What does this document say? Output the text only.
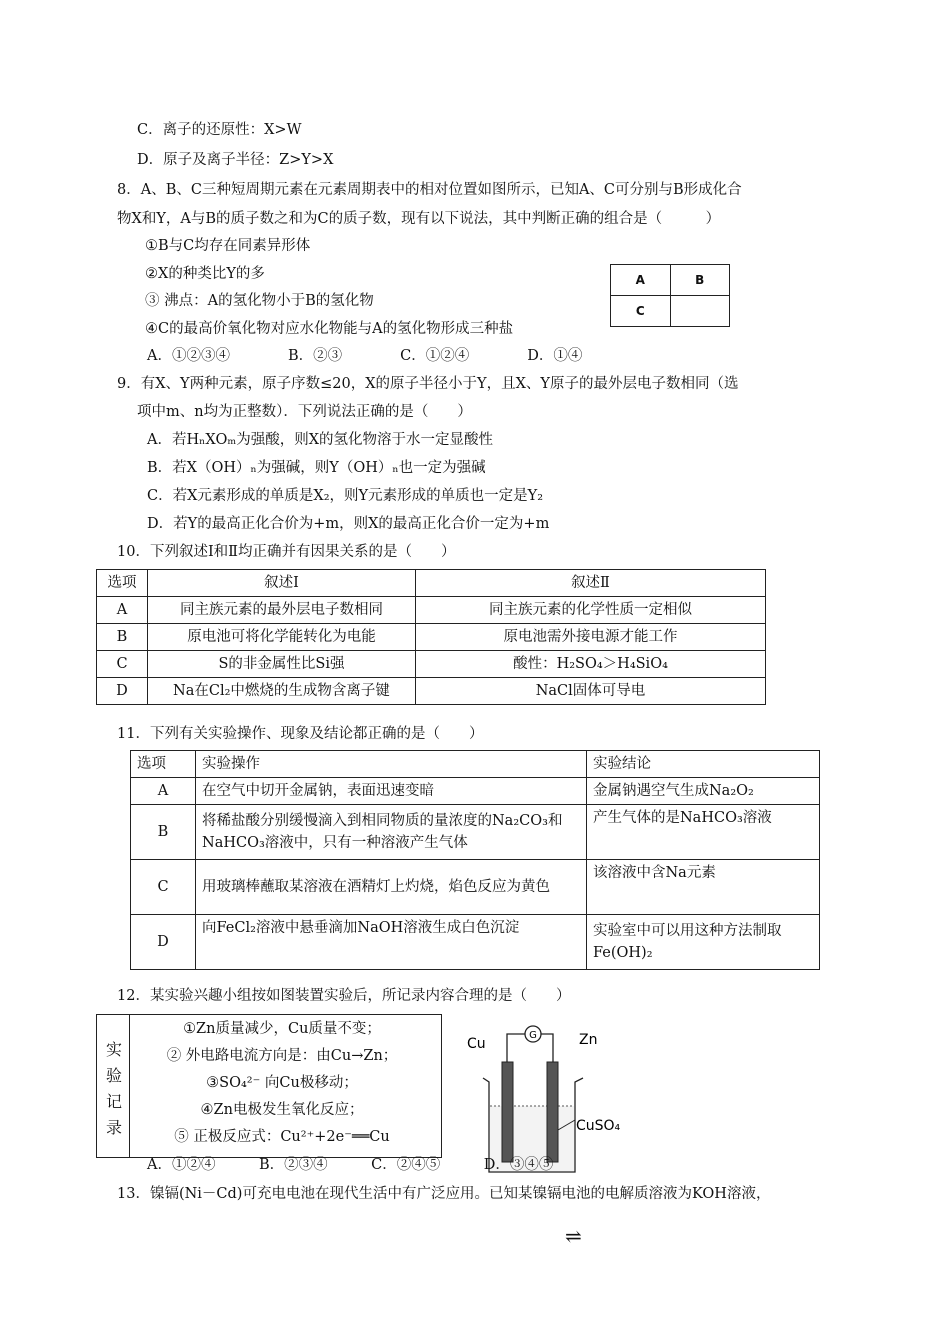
C．离子的还原性：X>W
D．原子及离子半径：Z>Y>X
8．A、B、C三种短周期元素在元素周期表中的相对位置如图所示，已知A、C可分别与B形成化合
物X和Y，A与B的质子数之和为C的质子数，现有以下说法，其中判断正确的组合是（　　　）
①B与C均存在同素异形体
②X的种类比Y的多
③ 沸点：A的氢化物小于B的氢化物
④C的最高价氧化物对应水化物能与A的氢化物形成三种盐
A．①②③④　　　　B．②③　　　　C．①②④　　　　D．①④
A	B
C	
9．有X、Y两种元素，原子序数≤20，X的原子半径小于Y，且X、Y原子的最外层电子数相同（选
项中m、n均为正整数）．下列说法正确的是（　　）
A．若HₙXOₘ为强酸，则X的氢化物溶于水一定显酸性
B．若X（OH）ₙ为强碱，则Y（OH）ₙ也一定为强碱
C．若X元素形成的单质是X₂，则Y元素形成的单质也一定是Y₂
D．若Y的最高正化合价为+m，则X的最高正化合价一定为+m
10．下列叙述Ⅰ和Ⅱ均正确并有因果关系的是（　　）
选项	叙述Ⅰ	叙述Ⅱ
A	同主族元素的最外层电子数相同	同主族元素的化学性质一定相似
B	原电池可将化学能转化为电能	原电池需外接电源才能工作
C	S的非金属性比Si强	酸性：H₂SO₄＞H₄SiO₄
D	Na在Cl₂中燃烧的生成物含离子键	NaCl固体可导电
11．下列有关实验操作、现象及结论都正确的是（　　）
选项	实验操作	实验结论
A	在空气中切开金属钠，表面迅速变暗	金属钠遇空气生成Na₂O₂
B	将稀盐酸分别缓慢滴入到相同物质的量浓度的Na₂CO₃和NaHCO₃溶液中，只有一种溶液产生气体	产生气体的是NaHCO₃溶液
C	用玻璃棒蘸取某溶液在酒精灯上灼烧，焰色反应为黄色	该溶液中含Na元素
D	向FeCl₂溶液中悬垂滴加NaOH溶液生成白色沉淀	实验室中可以用这种方法制取Fe(OH)₂
12．某实验兴趣小组按如图装置实验后，所记录内容合理的是（　　）
实验记录
①Zn质量减少，Cu质量不变；
② 外电路电流方向是：由Cu→Zn；
③SO₄²⁻ 向Cu极移动；
④Zn电极发生氧化反应；
⑤ 正极反应式：Cu²⁺+2e⁻══Cu
Cu	Zn
G
CuSO₄
A．①②④　　　B．②③④　　　C．②④⑤　　　D．③④⑤
13．镍镉(Ni－Cd)可充电电池在现代生活中有广泛应用。已知某镍镉电池的电解质溶液为KOH溶液，
⇌
